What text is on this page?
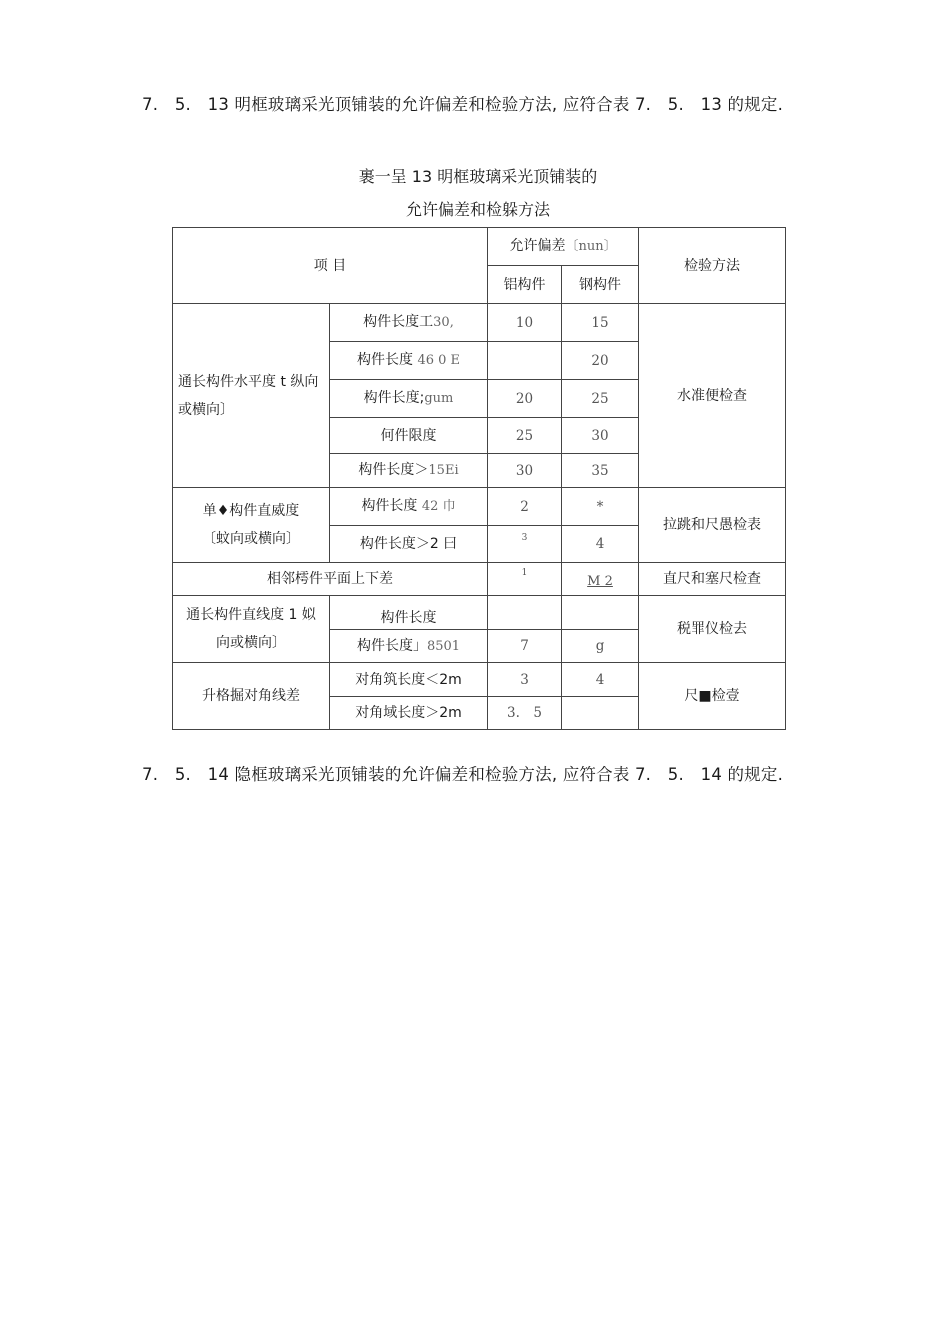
7.　5.　13 明框玻璃采光顶铺装的允许偏差和检验方法, 应符合表 7.　5.　13 的规定.
裹一呈 13 明框玻璃采光顶铺装的
允许偏差和检躲方法
项 目		允许偏差〔nun〕		检验方法
		铝构件	钢构件	
通长构件水平度 t 纵向或横向〕	构件长度工30,	10	15	水准便检查
	构件长度 46 0 E		20	
	构件长度;gum	20	25	
	何件限度	25	30	
	构件长度＞15Ei	30	35	
单♦构件直威度
〔蚊向或横向〕	构件长度 42 巾	2	*	拉跳和尺愚检表
	构件长度＞2 曰	$^3$	4	
相邻樗件平面上下差		$^1$	M 2	直尺和塞尺检查
通长构件直线度 1 姒
向或横向〕	构件长度			税罪仪检去
	构件长度」8501	7	g	
升格掘对角线差	对角筑长度＜2m	3	4	尺■检壹
	对角域长度＞2m	3.　5		
7.　5.　14 隐框玻璃采光顶铺装的允许偏差和检验方法, 应符合表 7.　5.　14 的规定.
